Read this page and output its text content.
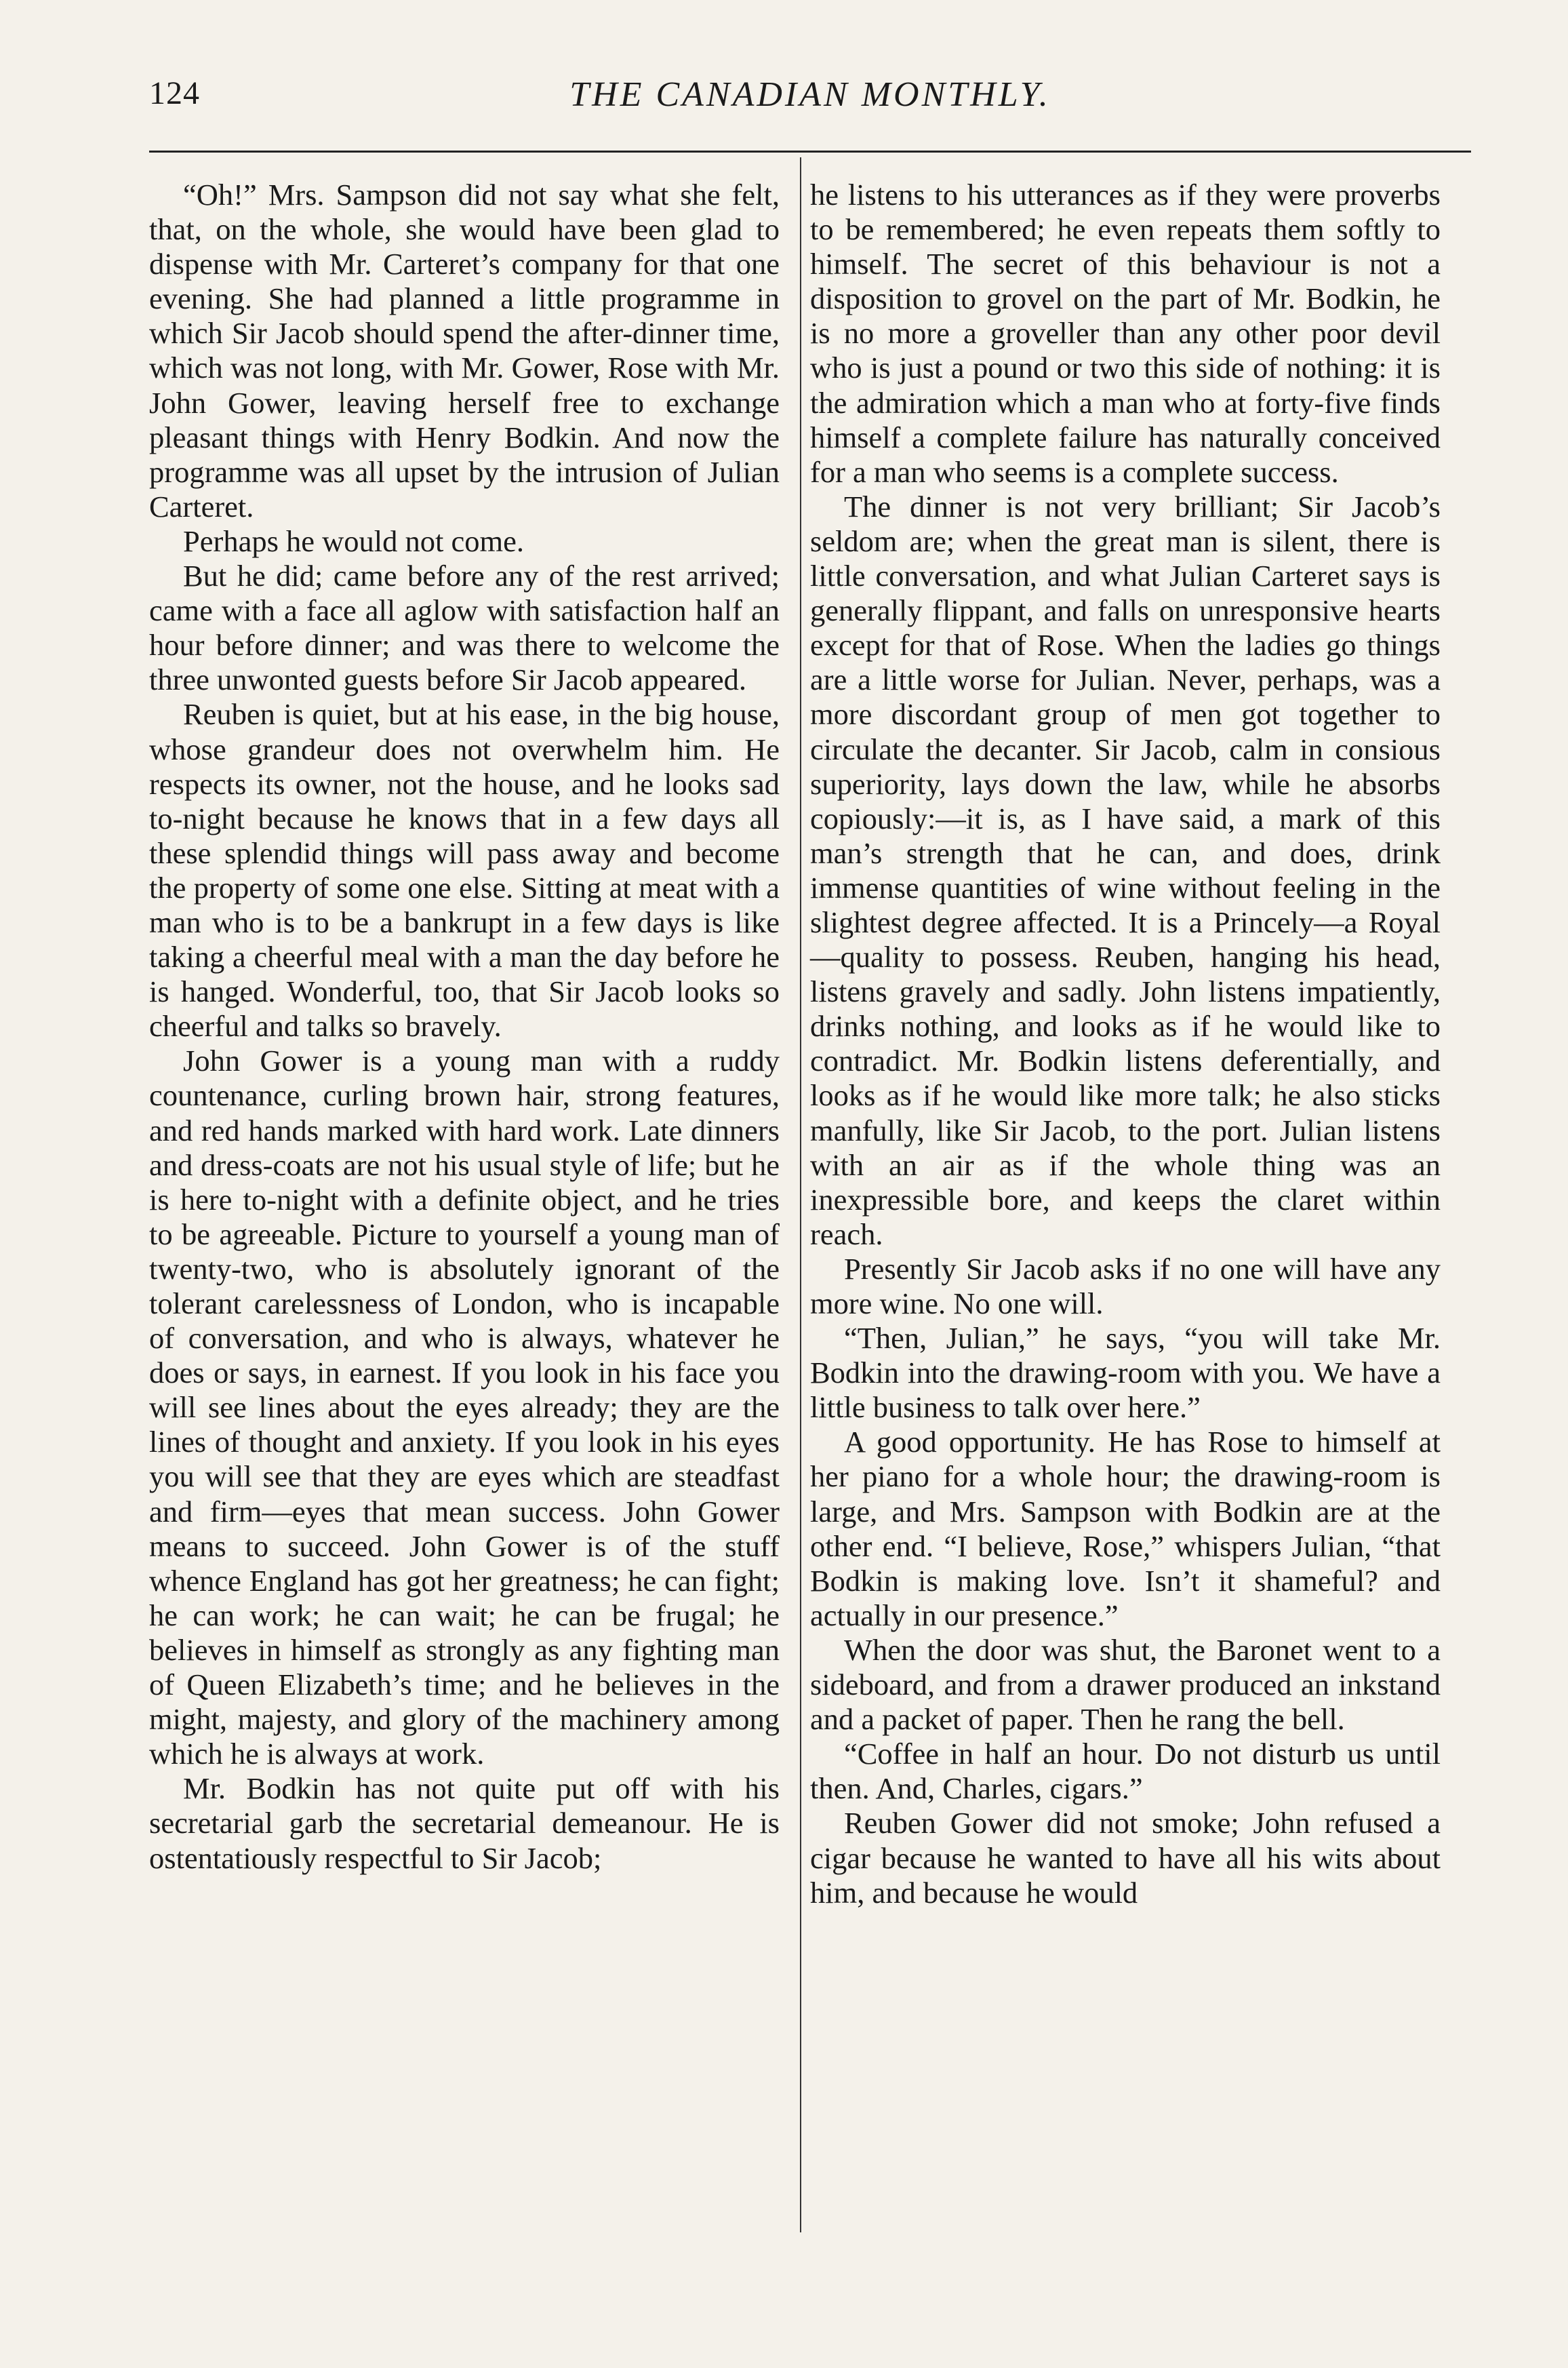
124	THE CANADIAN MONTHLY.

“Oh!” Mrs. Sampson did not say what she felt, that, on the whole, she would have been glad to dispense with Mr. Carteret’s company for that one evening. She had planned a little programme in which Sir Jacob should spend the after-dinner time, which was not long, with Mr. Gower, Rose with Mr. John Gower, leaving herself free to exchange pleasant things with Henry Bodkin. And now the programme was all upset by the intrusion of Julian Carteret.

Perhaps he would not come.

But he did; came before any of the rest arrived; came with a face all aglow with satisfaction half an hour before dinner; and was there to welcome the three unwonted guests before Sir Jacob appeared.

Reuben is quiet, but at his ease, in the big house, whose grandeur does not overwhelm him. He respects its owner, not the house, and he looks sad to-night because he knows that in a few days all these splendid things will pass away and become the property of some one else. Sitting at meat with a man who is to be a bankrupt in a few days is like taking a cheerful meal with a man the day before he is hanged. Wonderful, too, that Sir Jacob looks so cheerful and talks so bravely.

John Gower is a young man with a ruddy countenance, curling brown hair, strong features, and red hands marked with hard work. Late dinners and dress-coats are not his usual style of life; but he is here to-night with a definite object, and he tries to be agreeable. Picture to yourself a young man of twenty-two, who is absolutely ignorant of the tolerant carelessness of London, who is incapable of conversation, and who is always, whatever he does or says, in earnest. If you look in his face you will see lines about the eyes already; they are the lines of thought and anxiety. If you look in his eyes you will see that they are eyes which are steadfast and firm—eyes that mean success. John Gower means to succeed. John Gower is of the stuff whence England has got her greatness; he can fight; he can work; he can wait; he can be frugal; he believes in himself as strongly as any fighting man of Queen Elizabeth’s time; and he believes in the might, majesty, and glory of the machinery among which he is always at work.

Mr. Bodkin has not quite put off with his secretarial garb the secretarial demeanour. He is ostentatiously respectful to Sir Jacob;

he listens to his utterances as if they were proverbs to be remembered; he even repeats them softly to himself. The secret of this behaviour is not a disposition to grovel on the part of Mr. Bodkin, he is no more a groveller than any other poor devil who is just a pound or two this side of nothing: it is the admiration which a man who at forty-five finds himself a complete failure has naturally conceived for a man who seems is a complete success.

The dinner is not very brilliant; Sir Jacob’s seldom are; when the great man is silent, there is little conversation, and what Julian Carteret says is generally flippant, and falls on unresponsive hearts except for that of Rose. When the ladies go things are a little worse for Julian. Never, perhaps, was a more discordant group of men got together to circulate the decanter. Sir Jacob, calm in consious superiority, lays down the law, while he absorbs copiously:—it is, as I have said, a mark of this man’s strength that he can, and does, drink immense quantities of wine without feeling in the slightest degree affected. It is a Princely—a Royal—quality to possess. Reuben, hanging his head, listens gravely and sadly. John listens impatiently, drinks nothing, and looks as if he would like to contradict. Mr. Bodkin listens deferentially, and looks as if he would like more talk; he also sticks manfully, like Sir Jacob, to the port. Julian listens with an air as if the whole thing was an inexpressible bore, and keeps the claret within reach.

Presently Sir Jacob asks if no one will have any more wine. No one will.

“Then, Julian,” he says, “you will take Mr. Bodkin into the drawing-room with you. We have a little business to talk over here.”

A good opportunity. He has Rose to himself at her piano for a whole hour; the drawing-room is large, and Mrs. Sampson with Bodkin are at the other end. “I believe, Rose,” whispers Julian, “that Bodkin is making love. Isn’t it shameful? and actually in our presence.”

When the door was shut, the Baronet went to a sideboard, and from a drawer produced an inkstand and a packet of paper. Then he rang the bell.

“Coffee in half an hour. Do not disturb us until then. And, Charles, cigars.”

Reuben Gower did not smoke; John refused a cigar because he wanted to have all his wits about him, and because he would
